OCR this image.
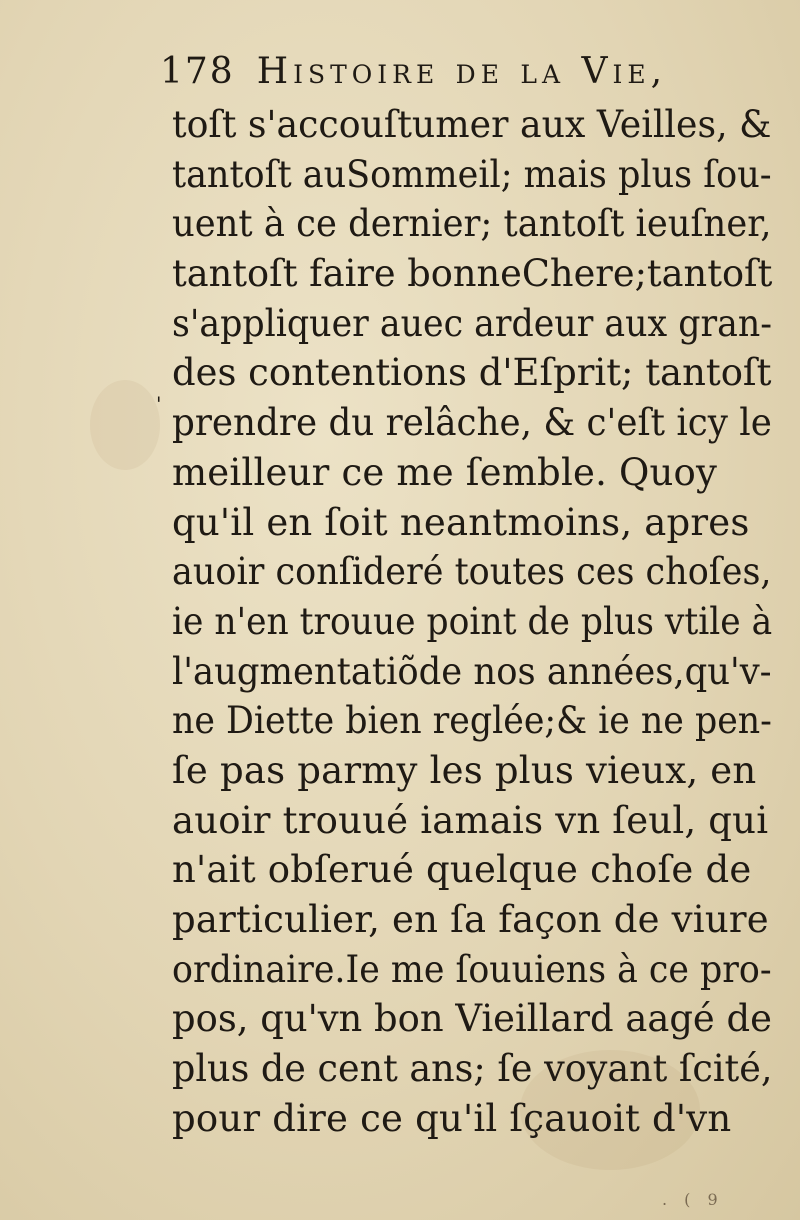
178 Histoire de la Vie,
'
toſt s'accouſtumer aux Veilles, &
tantoſt auSommeil; mais plus ſou-
uent à ce dernier; tantoſt ieuſner,
tantoſt faire bonneChere;tantoſt
s'appliquer auec ardeur aux gran-
des contentions d'Eſprit; tantoſt
prendre du relâche, & c'eſt icy le
meilleur ce me ſemble. Quoy
qu'il en ſoit neantmoins, apres
auoir conſideré toutes ces choſes,
ie n'en trouue point de plus vtile à
l'augmentatiõde nos années,qu'v-
ne Diette bien reglée;& ie ne pen-
ſe pas parmy les plus vieux, en
auoir trouué iamais vn ſeul, qui
n'ait obſerué quelque choſe de
particulier, en ſa façon de viure
ordinaire.Ie me ſouuiens à ce pro-
pos, qu'vn bon Vieillard aagé de
plus de cent ans; ſe voyant ſcité,
pour dire ce qu'il ſçauoit d'vn
. ( 9
